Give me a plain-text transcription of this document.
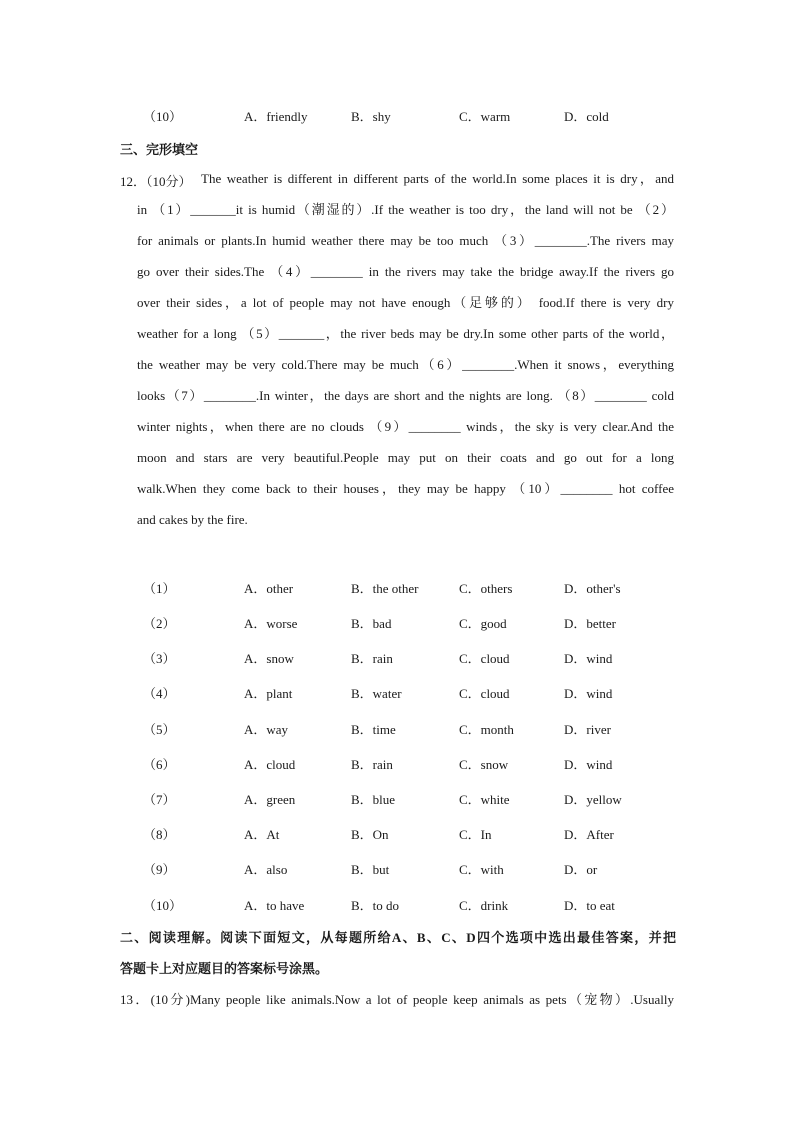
（10）	A．friendly	B．shy	C．warm	D．cold
三、完形填空
12．（10分） The weather is different in different parts of the world.In some places it is dry，and
in （1）_______it is humid（潮湿的）.If the weather is too dry，the land will not be （2）
for animals or plants.In humid weather there may be too much （3）________.The rivers may
go over their sides.The （4）________ in the rivers may take the bridge away.If the rivers go
over their sides，a lot of people may not have enough（足够的） food.If there is very dry
weather for a long （5）_______，the river beds may be dry.In some other parts of the world，
the weather may be very cold.There may be much（6）________.When it snows，everything
looks（7）________.In winter，the days are short and the nights are long. （8）________ cold
winter nights，when there are no clouds （9）________ winds，the sky is very clear.And the
moon and stars are very beautiful.People may put on their coats and go out for a long
walk.When they come back to their houses，they may be happy （10）________ hot coffee
and cakes by the fire.
（1）	A．other	B．the other	C．others	D．other's
（2）	A．worse	B．bad	C．good	D．better
（3）	A．snow	B．rain	C．cloud	D．wind
（4）	A．plant	B．water	C．cloud	D．wind
（5）	A．way	B．time	C．month	D．river
（6）	A．cloud	B．rain	C．snow	D．wind
（7）	A．green	B．blue	C．white	D．yellow
（8）	A．At	B．On	C．In	D．After
（9）	A．also	B．but	C．with	D．or
（10）	A．to have	B．to do	C．drink	D．to eat
二、阅读理解。阅读下面短文，从每题所给A、B、C、D四个选项中选出最佳答案，并把
答题卡上对应题目的答案标号涂黑。
13．(10分)Many people like animals.Now a lot of people keep animals as pets（宠物）.Usually
